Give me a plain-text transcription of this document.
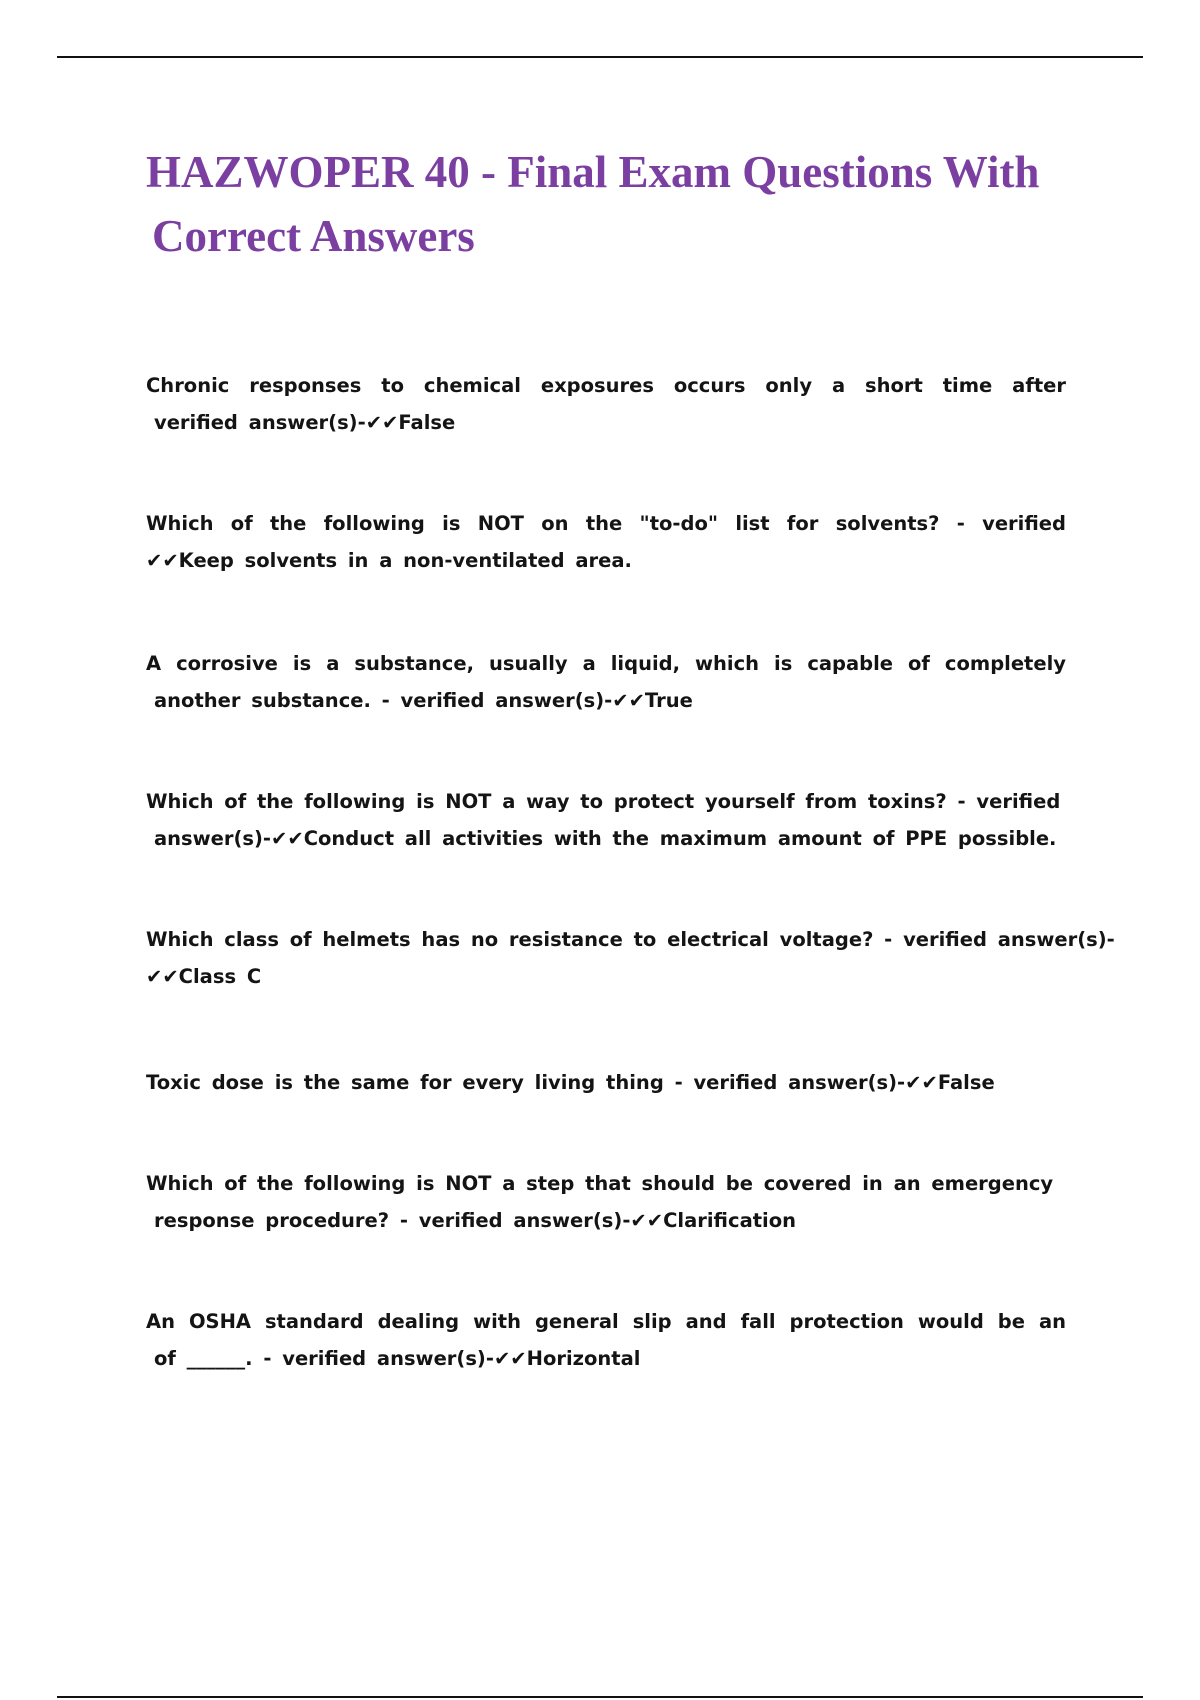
HAZWOPER 40 - Final Exam Questions With
Correct Answers
Chronic responses to chemical exposures occurs only a short time after
verified answer(s)-✔✔False
Which of the following is NOT on the "to-do" list for solvents? - verified
✔✔Keep solvents in a non-ventilated area.
A corrosive is a substance, usually a liquid, which is capable of completely
another substance. - verified answer(s)-✔✔True
Which of the following is NOT a way to protect yourself from toxins? - verified
answer(s)-✔✔Conduct all activities with the maximum amount of PPE possible.
Which class of helmets has no resistance to electrical voltage? - verified answer(s)-
✔✔Class C
Toxic dose is the same for every living thing - verified answer(s)-✔✔False
Which of the following is NOT a step that should be covered in an emergency
response procedure? - verified answer(s)-✔✔Clarification
An OSHA standard dealing with general slip and fall protection would be an
of ______. - verified answer(s)-✔✔Horizontal
